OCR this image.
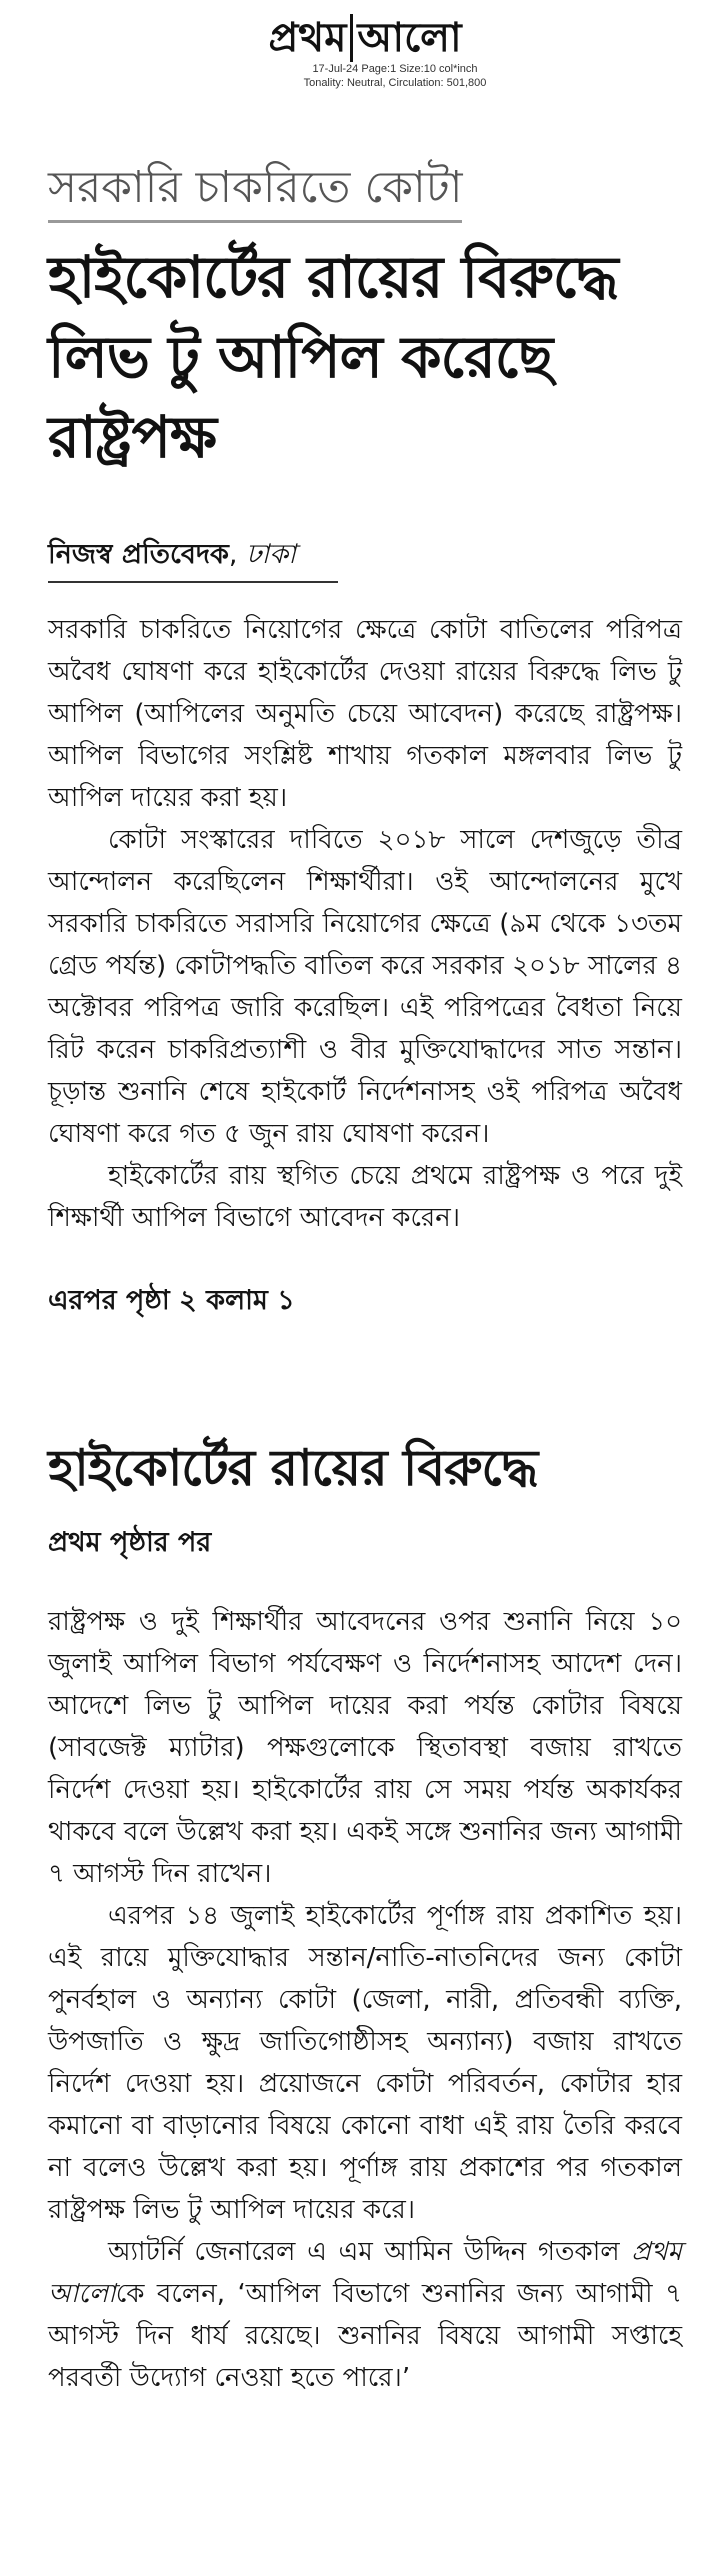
প্রথম আলো
17-Jul-24 Page:1 Size:10 col*inch
Tonality: Neutral, Circulation: 501,800
সরকারি চাকরিতে কোটা
হাইকোর্টের রায়ের বিরুদ্ধে লিভ টু আপিল করেছে রাষ্ট্রপক্ষ
নিজস্ব প্রতিবেদক, ঢাকা

সরকারি চাকরিতে নিয়োগের ক্ষেত্রে কোটা বাতিলের পরিপত্র অবৈধ ঘোষণা করে হাইকোর্টের দেওয়া রায়ের বিরুদ্ধে লিভ টু আপিল (আপিলের অনুমতি চেয়ে আবেদন) করেছে রাষ্ট্রপক্ষ। আপিল বিভাগের সংশ্লিষ্ট শাখায় গতকাল মঙ্গলবার লিভ টু আপিল দায়ের করা হয়।

কোটা সংস্কারের দাবিতে ২০১৮ সালে দেশজুড়ে তীব্র আন্দোলন করেছিলেন শিক্ষার্থীরা। ওই আন্দোলনের মুখে সরকারি চাকরিতে সরাসরি নিয়োগের ক্ষেত্রে (৯ম থেকে ১৩তম গ্রেড পর্যন্ত) কোটাপদ্ধতি বাতিল করে সরকার ২০১৮ সালের ৪ অক্টোবর পরিপত্র জারি করেছিল। এই পরিপত্রের বৈধতা নিয়ে রিট করেন চাকরিপ্রত্যাশী ও বীর মুক্তিযোদ্ধাদের সাত সন্তান। চূড়ান্ত শুনানি শেষে হাইকোর্ট নির্দেশনাসহ ওই পরিপত্র অবৈধ ঘোষণা করে গত ৫ জুন রায় ঘোষণা করেন।

হাইকোর্টের রায় স্থগিত চেয়ে প্রথমে রাষ্ট্রপক্ষ ও পরে দুই শিক্ষার্থী আপিল বিভাগে আবেদন করেন।

এরপর পৃষ্ঠা ২ কলাম ১
হাইকোর্টের রায়ের বিরুদ্ধে
প্রথম পৃষ্ঠার পর

রাষ্ট্রপক্ষ ও দুই শিক্ষার্থীর আবেদনের ওপর শুনানি নিয়ে ১০ জুলাই আপিল বিভাগ পর্যবেক্ষণ ও নির্দেশনাসহ আদেশ দেন। আদেশে লিভ টু আপিল দায়ের করা পর্যন্ত কোটার বিষয়ে (সাবজেক্ট ম্যাটার) পক্ষগুলোকে স্থিতাবস্থা বজায় রাখতে নির্দেশ দেওয়া হয়। হাইকোর্টের রায় সে সময় পর্যন্ত অকার্যকর থাকবে বলে উল্লেখ করা হয়। একই সঙ্গে শুনানির জন্য আগামী ৭ আগস্ট দিন রাখেন।

এরপর ১৪ জুলাই হাইকোর্টের পূর্ণাঙ্গ রায় প্রকাশিত হয়। এই রায়ে মুক্তিযোদ্ধার সন্তান/নাতি-নাতনিদের জন্য কোটা পুনর্বহাল ও অন্যান্য কোটা (জেলা, নারী, প্রতিবন্ধী ব্যক্তি, উপজাতি ও ক্ষুদ্র জাতিগোষ্ঠীসহ অন্যান্য) বজায় রাখতে নির্দেশ দেওয়া হয়। প্রয়োজনে কোটা পরিবর্তন, কোটার হার কমানো বা বাড়ানোর বিষয়ে কোনো বাধা এই রায় তৈরি করবে না বলেও উল্লেখ করা হয়। পূর্ণাঙ্গ রায় প্রকাশের পর গতকাল রাষ্ট্রপক্ষ লিভ টু আপিল দায়ের করে।

অ্যাটর্নি জেনারেল এ এম আমিন উদ্দিন গতকাল প্রথম আলোকে বলেন, ‘আপিল বিভাগে শুনানির জন্য আগামী ৭ আগস্ট দিন ধার্য রয়েছে। শুনানির বিষয়ে আগামী সপ্তাহে পরবর্তী উদ্যোগ নেওয়া হতে পারে।’
